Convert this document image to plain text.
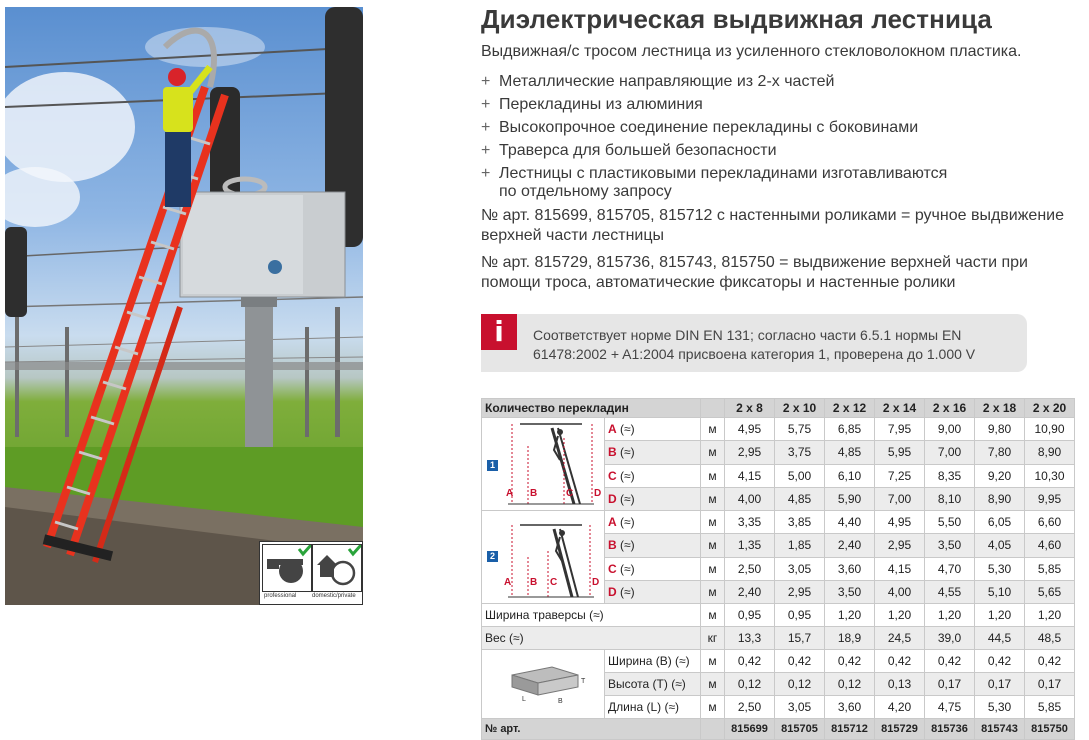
professional	domestic/private
Диэлектрическая выдвижная лестница
Выдвижная/с тросом лестница из усиленного стекловолокном пластика.
+ Металлические направляющие из 2-х частей
+ Перекладины из алюминия
+ Высокопрочное соединение перекладины с боковинами
+ Траверса для большей безопасности
+ Лестницы с пластиковыми перекладинами изготавливаются
по отдельному запросу
№ арт. 815699, 815705, 815712 с настенными роликами = ручное выдвижение верхней части лестницы
№ арт. 815729, 815736, 815743, 815750 = выдвижение верхней части при помощи троса, автоматические фиксаторы и настенные ролики
i	Соответствует норме DIN EN 131; согласно части 6.5.1 нормы EN 61478:2002 + A1:2004 присвоена категория 1, проверена до 1.000 V
Количество перекладин			2 x 8	2 x 10	2 x 12	2 x 14	2 x 16	2 x 18	2 x 20

1
A B C D	A (≈)	м	4,95	5,75	6,85	7,95	9,00	9,80	10,90
	B (≈)	м	2,95	3,75	4,85	5,95	7,00	7,80	8,90
	C (≈)	м	4,15	5,00	6,10	7,25	8,35	9,20	10,30
	D (≈)	м	4,00	4,85	5,90	7,00	8,10	8,90	9,95

2
A B C D	A (≈)	м	3,35	3,85	4,40	4,95	5,50	6,05	6,60
	B (≈)	м	1,35	1,85	2,40	2,95	3,50	4,05	4,60
	C (≈)	м	2,50	3,05	3,60	4,15	4,70	5,30	5,85
	D (≈)	м	2,40	2,95	3,50	4,00	4,55	5,10	5,65
Ширина траверсы (≈)		м	0,95	0,95	1,20	1,20	1,20	1,20	1,20
Вес (≈)		кг	13,3	15,7	18,9	24,5	39,0	44,5	48,5

T
L B	Ширина (B) (≈)	м	0,42	0,42	0,42	0,42	0,42	0,42	0,42
	Высота (T) (≈)	м	0,12	0,12	0,12	0,13	0,17	0,17	0,17
	Длина (L) (≈)	м	2,50	3,05	3,60	4,20	4,75	5,30	5,85
№ арт.			815699	815705	815712	815729	815736	815743	815750
